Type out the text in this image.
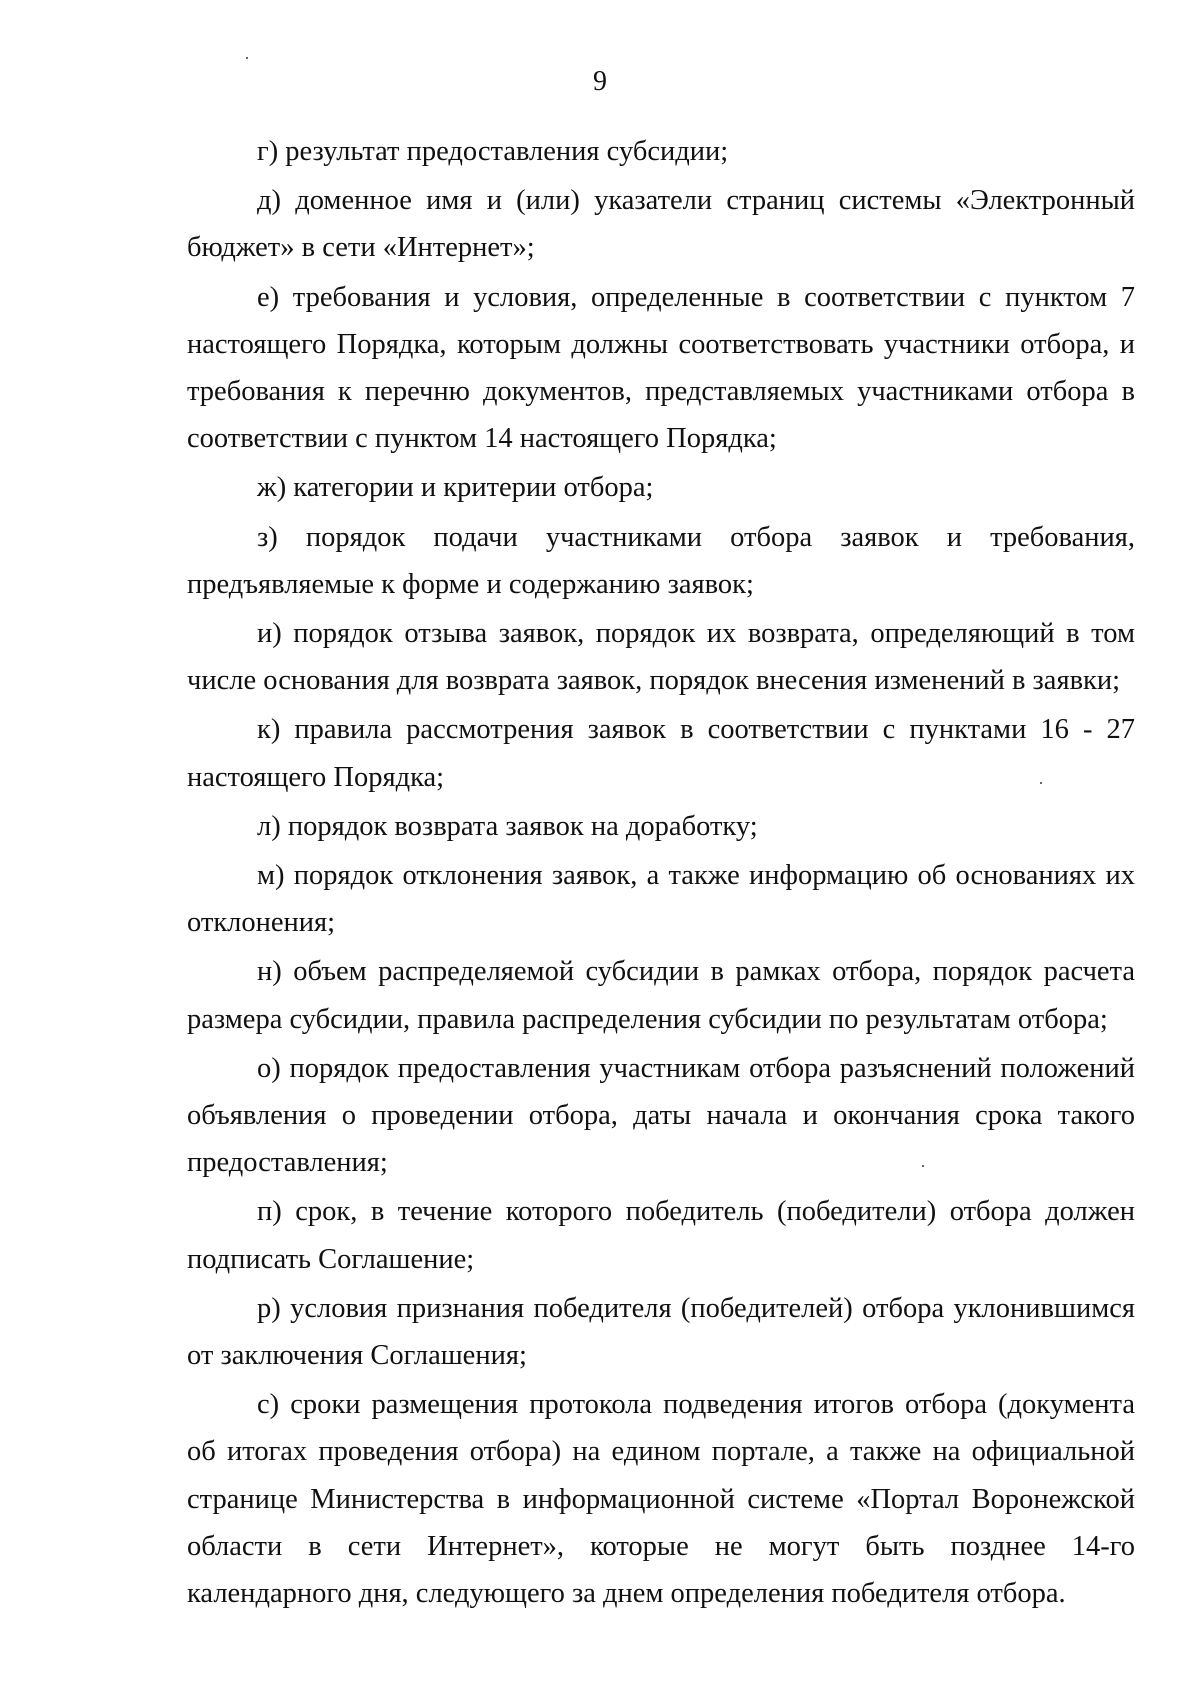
9

г) результат предоставления субсидии;

д) доменное имя и (или) указатели страниц системы «Электронный бюджет» в сети «Интернет»;

е) требования и условия, определенные в соответствии с пунктом 7 настоящего Порядка, которым должны соответствовать участники отбора, и требования к перечню документов, представляемых участниками отбора в соответствии с пунктом 14 настоящего Порядка;

ж) категории и критерии отбора;

з) порядок подачи участниками отбора заявок и требования, предъявляемые к форме и содержанию заявок;

и) порядок отзыва заявок, порядок их возврата, определяющий в том числе основания для возврата заявок, порядок внесения изменений в заявки;

к) правила рассмотрения заявок в соответствии с пунктами 16 - 27 настоящего Порядка;

л) порядок возврата заявок на доработку;

м) порядок отклонения заявок, а также информацию об основаниях их отклонения;

н) объем распределяемой субсидии в рамках отбора, порядок расчета размера субсидии, правила распределения субсидии по результатам отбора;

о) порядок предоставления участникам отбора разъяснений положений объявления о проведении отбора, даты начала и окончания срока такого предоставления;

п) срок, в течение которого победитель (победители) отбора должен подписать Соглашение;

р) условия признания победителя (победителей) отбора уклонившимся от заключения Соглашения;

с) сроки размещения протокола подведения итогов отбора (документа об итогах проведения отбора) на едином портале, а также на официальной странице Министерства в информационной системе «Портал Воронежской области в сети Интернет», которые не могут быть позднее 14-го календарного дня, следующего за днем определения победителя отбора.
